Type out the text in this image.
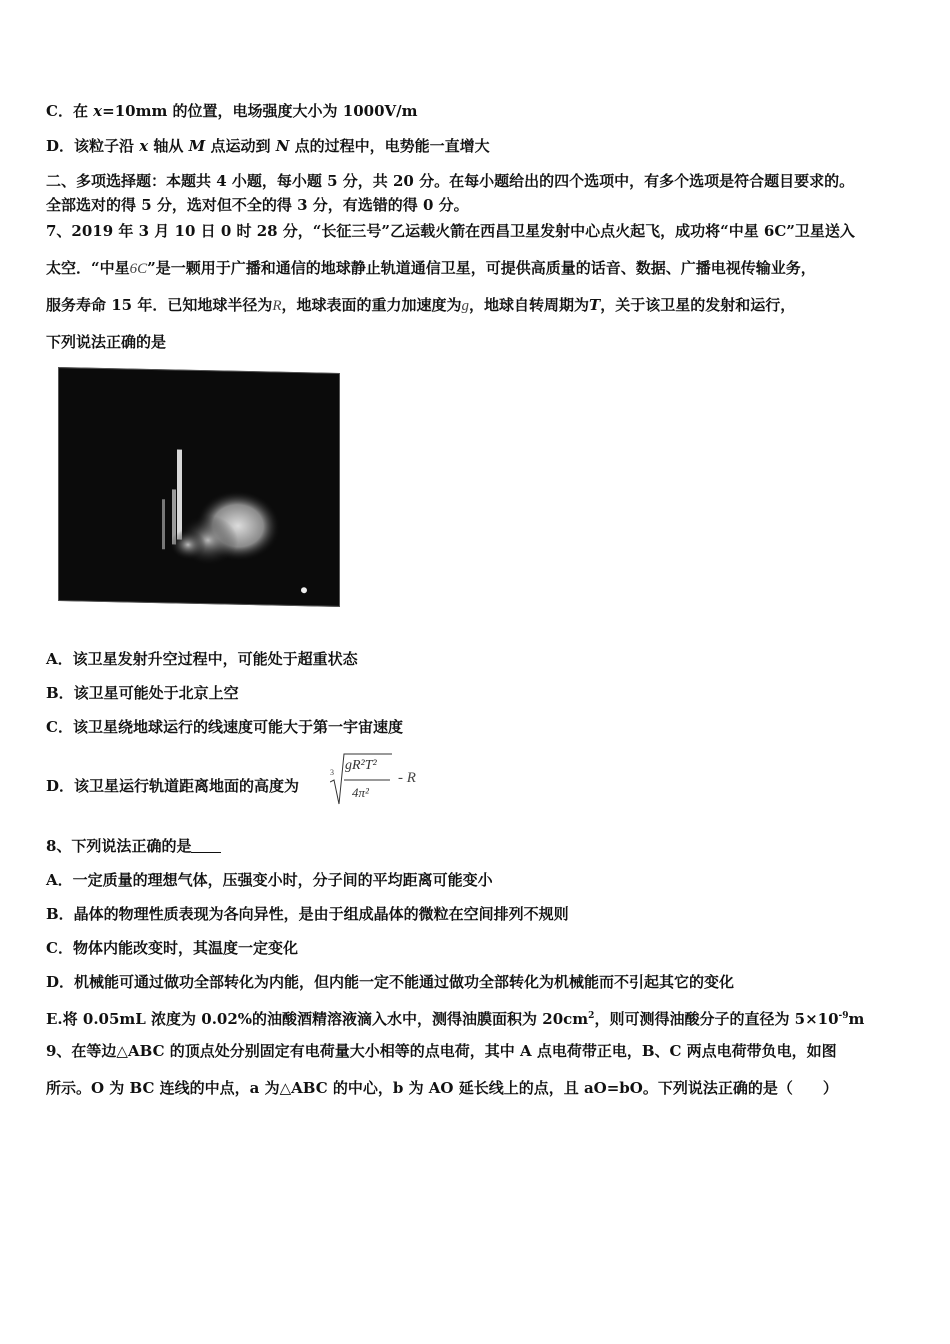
C．在 x=10mm 的位置，电场强度大小为 1000V/m
D．该粒子沿 x 轴从 M 点运动到 N 点的过程中，电势能一直增大
二、多项选择题：本题共 4 小题，每小题 5 分，共 20 分。在每小题给出的四个选项中，有多个选项是符合题目要求的。
全部选对的得 5 分，选对但不全的得 3 分，有选错的得 0 分。
7、2019 年 3 月 10 日 0 时 28 分，“长征三号”乙运载火箭在西昌卫星发射中心点火起飞，成功将“中星 6C”卫星送入
太空．“中星6C”是一颗用于广播和通信的地球静止轨道通信卫星，可提供高质量的话音、数据、广播电视传输业务，
服务寿命 15 年．已知地球半径为R，地球表面的重力加速度为g，地球自转周期为T，关于该卫星的发射和运行，
下列说法正确的是
A．该卫星发射升空过程中，可能处于超重状态
B．该卫星可能处于北京上空
C．该卫星绕地球运行的线速度可能大于第一宇宙速度
D．该卫星运行轨道距离地面的高度为
3 gR²T²
4π²
- R
8、下列说法正确的是
A．一定质量的理想气体，压强变小时，分子间的平均距离可能变小
B．晶体的物理性质表现为各向异性，是由于组成晶体的微粒在空间排列不规则
C．物体内能改变时，其温度一定变化
D．机械能可通过做功全部转化为内能，但内能一定不能通过做功全部转化为机械能而不引起其它的变化
E.将 0.05mL 浓度为 0.02%的油酸酒精溶液滴入水中，测得油膜面积为 $20cm^2$，则可测得油酸分子的直径为 $5\times 10^{-9}m$
9、在等边△ABC 的顶点处分别固定有电荷量大小相等的点电荷，其中 A 点电荷带正电，B、C 两点电荷带负电，如图
所示。O 为 BC 连线的中点，a 为△ABC 的中心，b 为 AO 延长线上的点，且 aO=bO。下列说法正确的是（　　）
